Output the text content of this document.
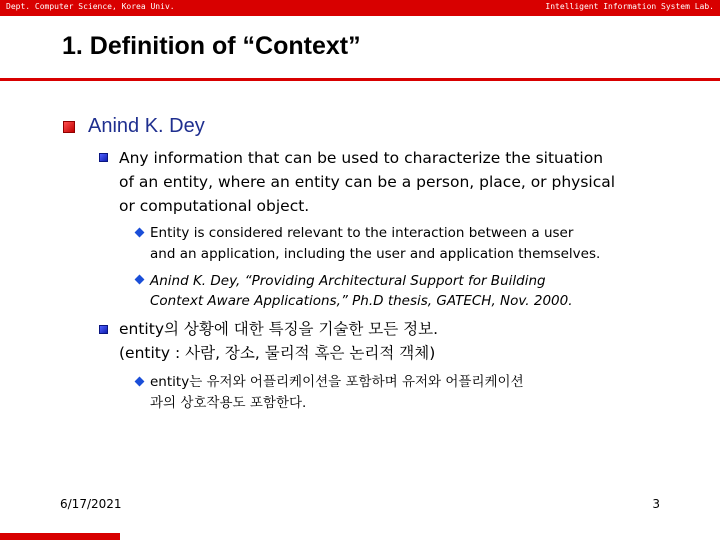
Dept. Computer Science, Korea Univ.	Intelligent Information System Lab.
1. Definition of “Context”
Anind K. Dey
Any information that can be used to characterize the situation
of an entity, where an entity can be a person, place, or physical
or computational object.
Entity is considered relevant to the interaction between a user
and an application, including the user and application themselves.
Anind K. Dey, “Providing Architectural Support for Building
Context Aware Applications,” Ph.D thesis, GATECH, Nov. 2000.
entity의 상황에 대한 특징을 기술한 모든 정보.
(entity : 사람, 장소, 물리적 혹은 논리적 객체)
entity는 유저와 어플리케이션을 포함하며 유저와 어플리케이션
과의 상호작용도 포함한다.
6/17/2021	3
